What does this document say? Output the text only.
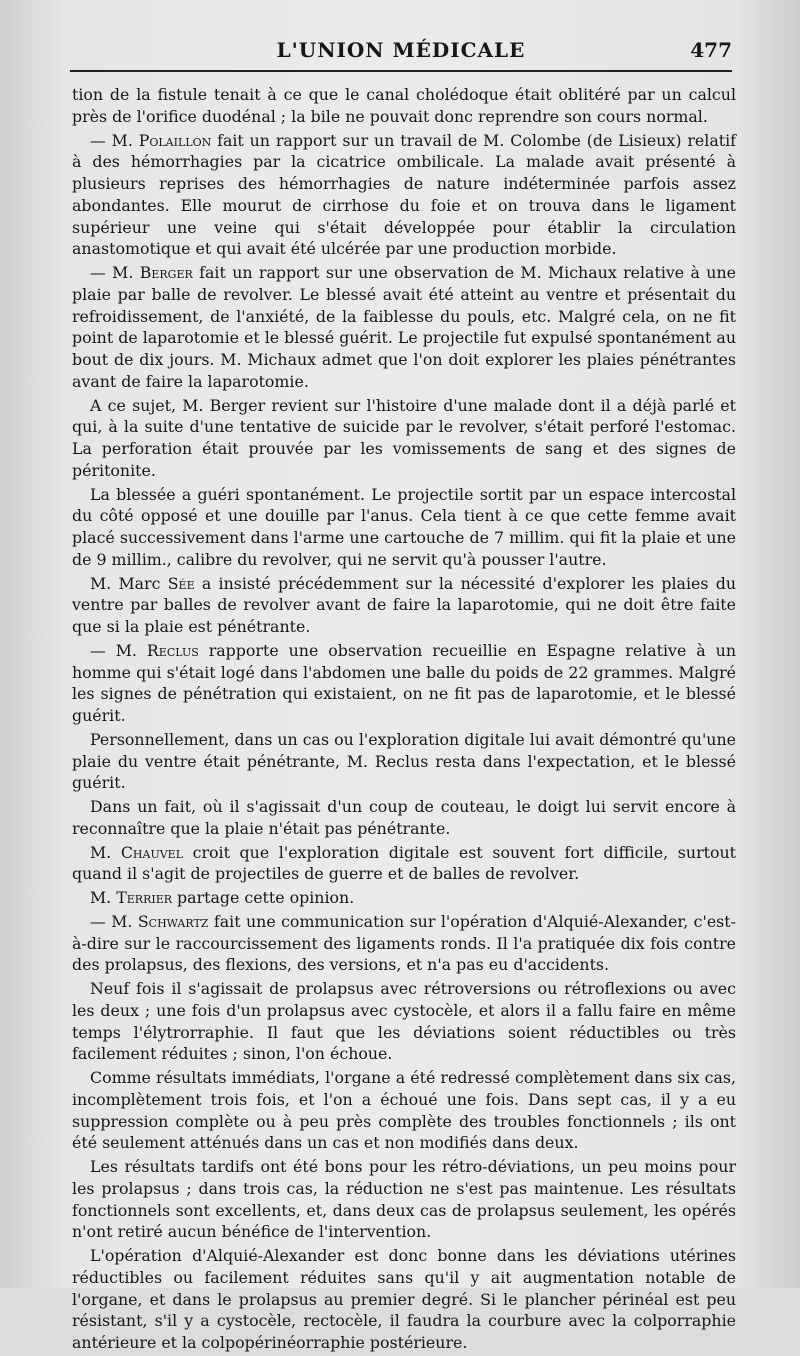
L'UNION MÉDICALE	477

tion de la fistule tenait à ce que le canal cholédoque était oblitéré par un calcul près de l'orifice duodénal ; la bile ne pouvait donc reprendre son cours normal.

— M. Polaillon fait un rapport sur un travail de M. Colombe (de Lisieux) relatif à des hémorrhagies par la cicatrice ombilicale. La malade avait présenté à plusieurs reprises des hémorrhagies de nature indéterminée parfois assez abondantes. Elle mourut de cirrhose du foie et on trouva dans le ligament supérieur une veine qui s'était développée pour établir la circulation anastomotique et qui avait été ulcérée par une production morbide.

— M. Berger fait un rapport sur une observation de M. Michaux relative à une plaie par balle de revolver. Le blessé avait été atteint au ventre et présentait du refroidissement, de l'anxiété, de la faiblesse du pouls, etc. Malgré cela, on ne fit point de laparotomie et le blessé guérit. Le projectile fut expulsé spontanément au bout de dix jours. M. Michaux admet que l'on doit explorer les plaies pénétrantes avant de faire la laparotomie.

A ce sujet, M. Berger revient sur l'histoire d'une malade dont il a déjà parlé et qui, à la suite d'une tentative de suicide par le revolver, s'était perforé l'estomac. La perforation était prouvée par les vomissements de sang et des signes de péritonite.

La blessée a guéri spontanément. Le projectile sortit par un espace intercostal du côté opposé et une douille par l'anus. Cela tient à ce que cette femme avait placé successivement dans l'arme une cartouche de 7 millim. qui fit la plaie et une de 9 millim., calibre du revolver, qui ne servit qu'à pousser l'autre.

M. Marc Sée a insisté précédemment sur la nécessité d'explorer les plaies du ventre par balles de revolver avant de faire la laparotomie, qui ne doit être faite que si la plaie est pénétrante.

— M. Reclus rapporte une observation recueillie en Espagne relative à un homme qui s'était logé dans l'abdomen une balle du poids de 22 grammes. Malgré les signes de pénétration qui existaient, on ne fit pas de laparotomie, et le blessé guérit.

Personnellement, dans un cas ou l'exploration digitale lui avait démontré qu'une plaie du ventre était pénétrante, M. Reclus resta dans l'expectation, et le blessé guérit.

Dans un fait, où il s'agissait d'un coup de couteau, le doigt lui servit encore à reconnaître que la plaie n'était pas pénétrante.

M. Chauvel croit que l'exploration digitale est souvent fort difficile, surtout quand il s'agit de projectiles de guerre et de balles de revolver.

M. Terrier partage cette opinion.

— M. Schwartz fait une communication sur l'opération d'Alquié-Alexander, c'est-à-dire sur le raccourcissement des ligaments ronds. Il l'a pratiquée dix fois contre des prolapsus, des flexions, des versions, et n'a pas eu d'accidents.

Neuf fois il s'agissait de prolapsus avec rétroversions ou rétroflexions ou avec les deux ; une fois d'un prolapsus avec cystocèle, et alors il a fallu faire en même temps l'élytrorraphie. Il faut que les déviations soient réductibles ou très facilement réduites ; sinon, l'on échoue.

Comme résultats immédiats, l'organe a été redressé complètement dans six cas, incomplètement trois fois, et l'on a échoué une fois. Dans sept cas, il y a eu suppression complète ou à peu près complète des troubles fonctionnels ; ils ont été seulement atténués dans un cas et non modifiés dans deux.

Les résultats tardifs ont été bons pour les rétro-déviations, un peu moins pour les prolapsus ; dans trois cas, la réduction ne s'est pas maintenue. Les résultats fonctionnels sont excellents, et, dans deux cas de prolapsus seulement, les opérés n'ont retiré aucun bénéfice de l'intervention.

L'opération d'Alquié-Alexander est donc bonne dans les déviations utérines réductibles ou facilement réduites sans qu'il y ait augmentation notable de l'organe, et dans le prolapsus au premier degré. Si le plancher périnéal est peu résistant, s'il y a cystocèle, rectocèle, il faudra la courbure avec la colporraphie antérieure et la colpopérinéorraphie postérieure.
